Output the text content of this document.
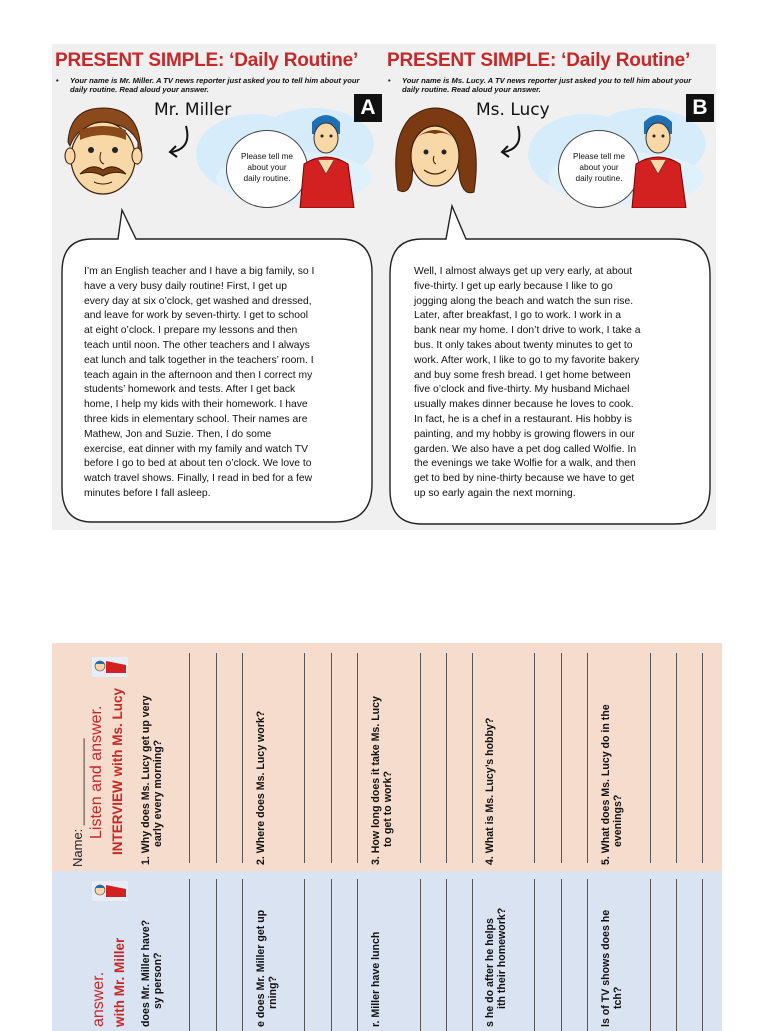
PRESENT SIMPLE: ‘Daily Routine’
•	Your name is Mr. Miller. A TV news reporter just asked you to tell him about your daily routine. Read aloud your answer.
Mr. Miller	A
Please tell me
about your
daily routine.
I’m an English teacher and I have a big family, so I
have a very busy daily routine! First, I get up
every day at six o’clock, get washed and dressed,
and leave for work by seven-thirty. I get to school
at eight o’clock. I prepare my lessons and then
teach until noon. The other teachers and I always
eat lunch and talk together in the teachers’ room. I
teach again in the afternoon and then I correct my
students’ homework and tests. After I get back
home, I help my kids with their homework. I have
three kids in elementary school. Their names are
Mathew, Jon and Suzie. Then, I do some
exercise, eat dinner with my family and watch TV
before I go to bed at about ten o’clock. We love to
watch travel shows. Finally, I read in bed for a few
minutes before I fall asleep.
PRESENT SIMPLE: ‘Daily Routine’
•	Your name is Ms. Lucy. A TV news reporter just asked you to tell him about your daily routine. Read aloud your answer.
Ms. Lucy	B
Please tell me
about your
daily routine.
Well, I almost always get up very early, at about
five-thirty. I get up early because I like to go
jogging along the beach and watch the sun rise.
Later, after breakfast, I go to work. I work in a
bank near my home. I don’t drive to work, I take a
bus. It only takes about twenty minutes to get to
work. After work, I like to go to my favorite bakery
and buy some fresh bread. I get home between
five o’clock and five-thirty. My husband Michael
usually makes dinner because he loves to cook.
In fact, he is a chef in a restaurant. His hobby is
painting, and my hobby is growing flowers in our
garden. We also have a pet dog called Wolfie. In
the evenings we take Wolfie for a walk, and then
get to bed by nine-thirty because we have to get
up so early again the next morning.
Name: ____________ Listen and answer. INTERVIEW with Ms. Lucy 1. Why does Ms. Lucy get up very early every morning?	2. Where does Ms. Lucy work?	3. How long does it take Ms. Lucy to get to work?	4. What is Ms. Lucy’s hobby?	5. What does Ms. Lucy do in the evenings?
answer. with Mr. Miller does Mr. Miller have? sy person?	e does Mr. Miller get up rning?	r. Miller have lunch	s he do after he helps ith their homework?	ls of TV shows does he tch?
